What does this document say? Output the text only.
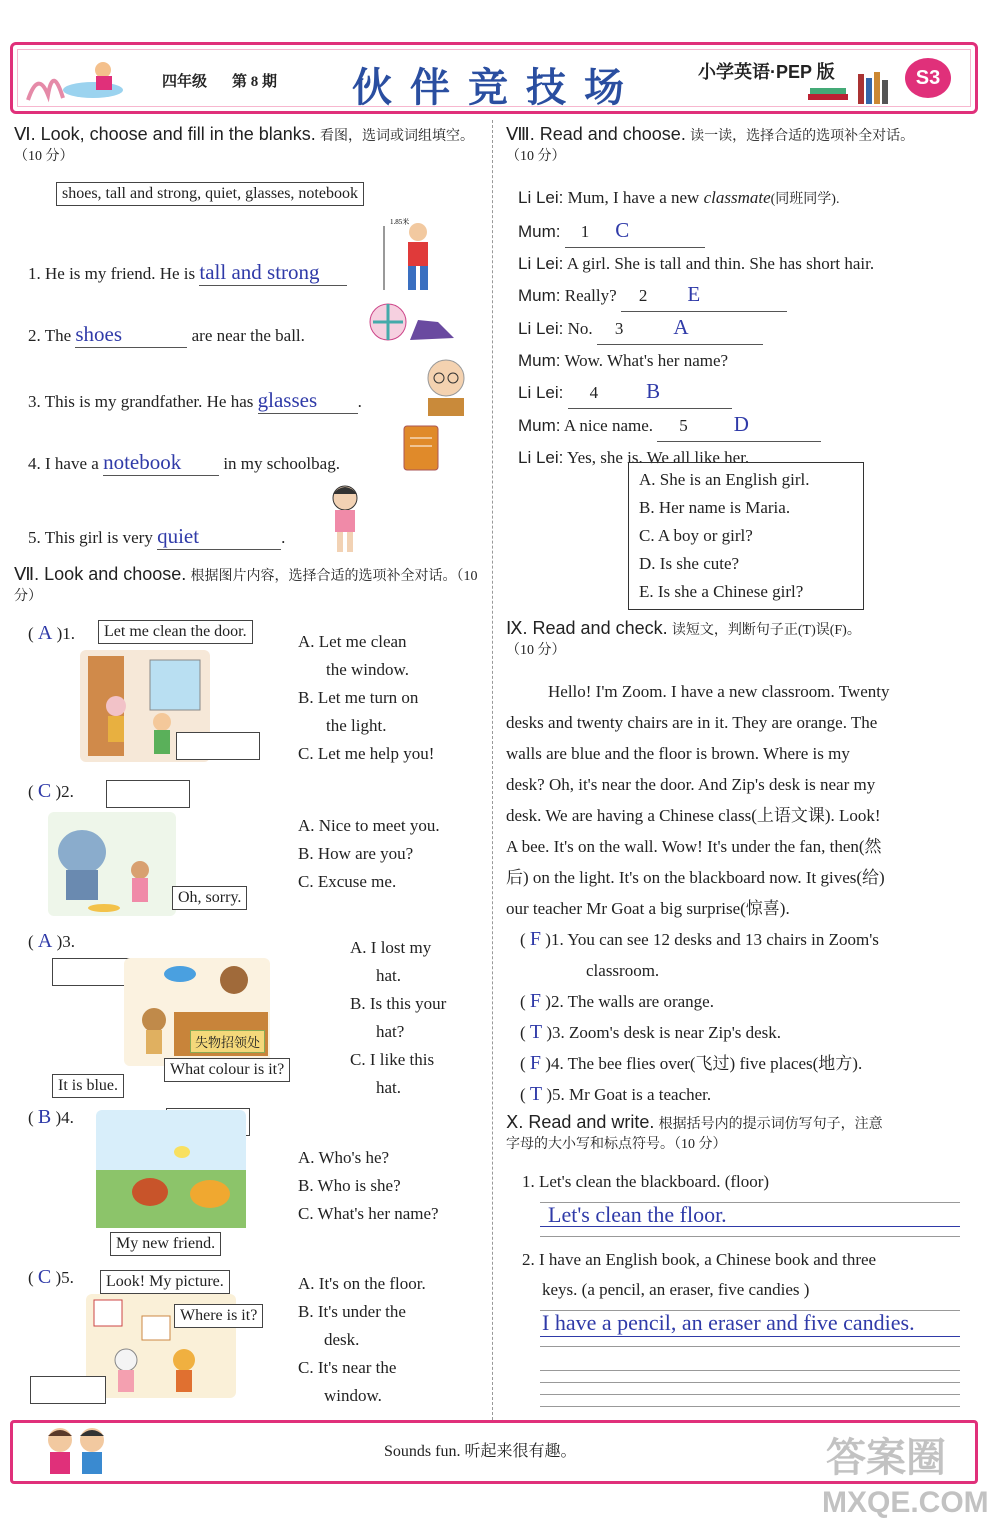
四年级 第 8 期 伙 伴 竞 技 场	小学英语·PEP 版	S3
Ⅵ. Look, choose and fill in the blanks. 看图，选词或词组填空。（10 分）
shoes, tall and strong, quiet, glasses, notebook
1. He is my friend. He is tall and strong
1.85米
2. The shoes	are near the ball.
3. This is my grandfather. He has glasses .
4. I have a notebook in my schoolbag.
5. This girl is very quiet	.
Ⅶ. Look and choose. 根据图片内容，选择合适的选项补全对话。（10 分）
( A )1.	Let me clean the door.
A. Let me clean
the window.
B. Let me turn on
the light.
C. Let me help you!
( C )2.
Oh, sorry.
A. Nice to meet you.
B. How are you?
C. Excuse me.
( A )3.
失物招领处
What colour is it?
It is blue.
A. I lost my
hat.
B. Is this your
hat?
C. I like this
hat.
( B )4.
My new friend.
A. Who's he?
B. Who is she?
C. What's her name?
( C )5.	Look! My picture.
Where is it?
A. It's on the floor.
B. It's under the
desk.
C. It's near the
window.
Ⅷ. Read and choose. 读一读，选择合适的选项补全对话。
（10 分）
Li Lei: Mum, I have a new classmate(同班同学).
Mum: 1 C
Li Lei: A girl. She is tall and thin. She has short hair.
Mum: Really? 2 E
Li Lei: No. 3 A
Mum: Wow. What's her name?
Li Lei: 4 B
Mum: A nice name. 5 D
Li Lei: Yes, she is. We all like her.
A. She is an English girl.
B. Her name is Maria.
C. A boy or girl?
D. Is she cute?
E. Is she a Chinese girl?
Ⅸ. Read and check. 读短文，判断句子正(T)误(F)。
（10 分）
Hello! I'm Zoom. I have a new classroom. Twenty
desks and twenty chairs are in it. They are orange. The
walls are blue and the floor is brown. Where is my
desk? Oh, it's near the door. And Zip's desk is near my
desk. We are having a Chinese class(上语文课). Look!
A bee. It's on the wall. Wow! It's under the fan, then(然
后) on the light. It's on the blackboard now. It gives(给)
our teacher Mr Goat a big surprise(惊喜).
( F )1. You can see 12 desks and 13 chairs in Zoom's
classroom.
( F )2. The walls are orange.
( T )3. Zoom's desk is near Zip's desk.
( F )4. The bee flies over(飞过) five places(地方).
( T )5. Mr Goat is a teacher.
Ⅹ. Read and write. 根据括号内的提示词仿写句子，注意
字母的大小写和标点符号。（10 分）
1. Let's clean the blackboard. (floor)
Let's clean the floor.
2. I have an English book, a Chinese book and three
keys. (a pencil, an eraser, five candies )
I have a pencil, an eraser and five candies.
Sounds fun. 听起来很有趣。	答案圈
MXQE.COM
